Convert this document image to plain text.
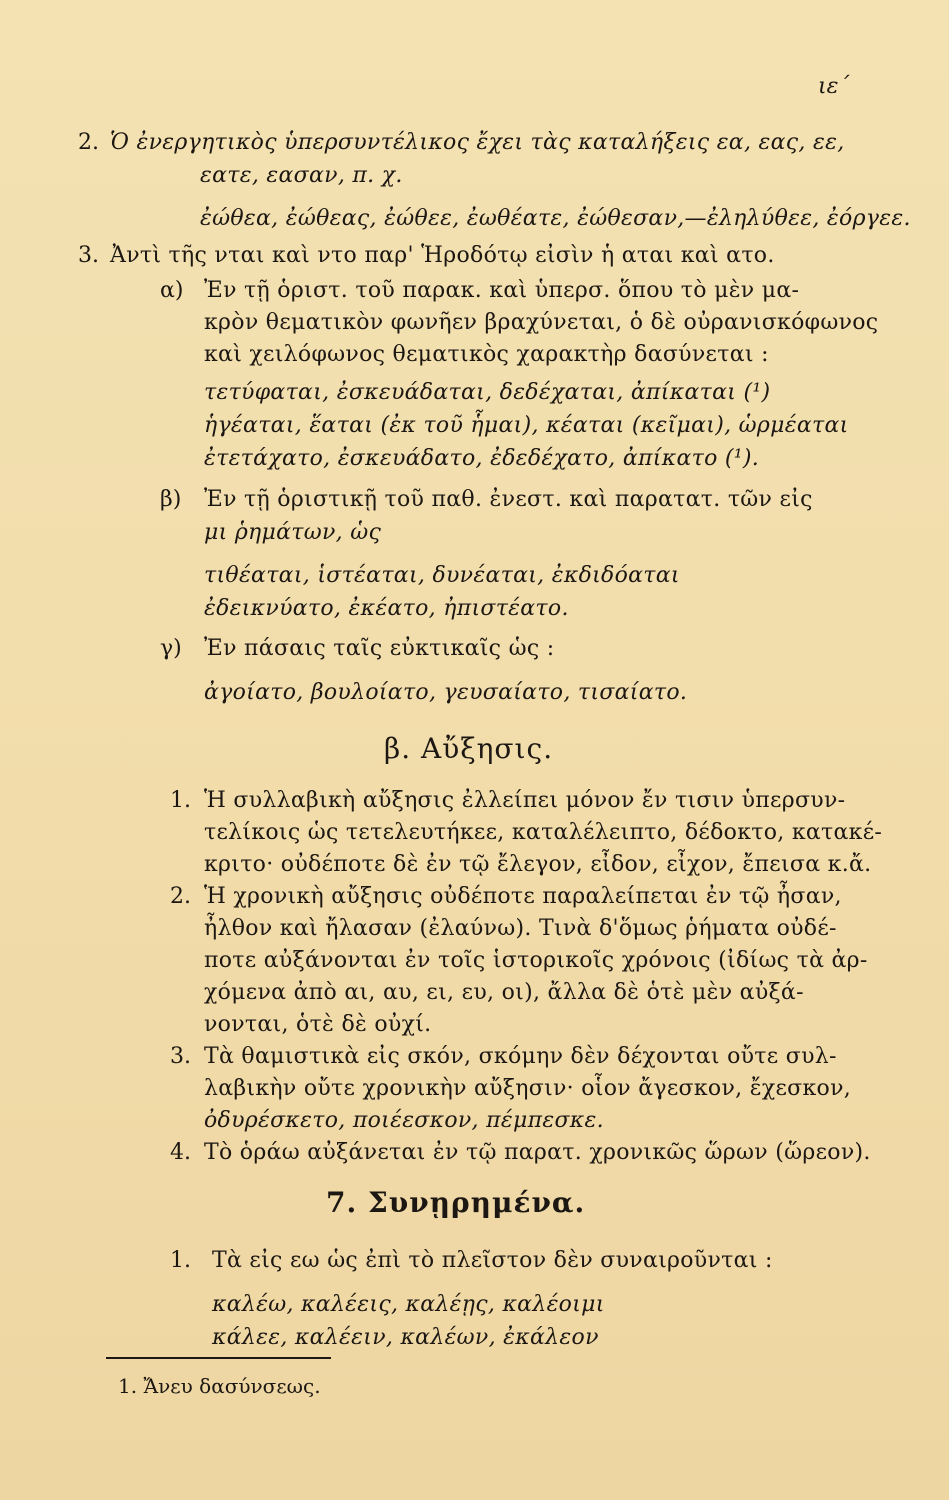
ιε´
2. Ὁ ἐνεργητικὸς ὑπερσυντέλικος ἔχει τὰς καταλήξεις εα, εας, εε,
εατε, εασαν, π. χ.
ἐώθεα, ἐώθεας, ἐώθεε, ἐωθέατε, ἐώθεσαν,—ἐληλύθεε, ἐόργεε.
3. Ἀντὶ τῆς νται καὶ ντο παρ' Ἡροδότῳ εἰσὶν ἡ αται καὶ ατο.
α) Ἐν τῇ ὁριστ. τοῦ παρακ. καὶ ὑπερσ. ὅπου τὸ μὲν μα-
κρὸν θεματικὸν φωνῆεν βραχύνεται, ὁ δὲ οὐρανισκόφωνος
καὶ χειλόφωνος θεματικὸς χαρακτὴρ δασύνεται :
τετύφαται, ἐσκευάδαται, δεδέχαται, ἀπίκαται (¹)
ἡγέαται, ἕαται (ἐκ τοῦ ἧμαι), κέαται (κεῖμαι), ὡρμέαται
ἐτετάχατο, ἐσκευάδατο, ἐδεδέχατο, ἀπίκατο (¹).
β) Ἐν τῇ ὁριστικῇ τοῦ παθ. ἐνεστ. καὶ παρατατ. τῶν εἰς
μι ῥημάτων, ὡς
τιθέαται, ἱστέαται, δυνέαται, ἐκδιδόαται
ἐδεικνύατο, ἐκέατο, ἠπιστέατο.
γ) Ἐν πάσαις ταῖς εὐκτικαῖς ὡς :
ἀγοίατο, βουλοίατο, γευσαίατο, τισαίατο.
β. Αὔξησις.
1. Ἡ συλλαβικὴ αὔξησις ἐλλείπει μόνον ἔν τισιν ὑπερσυν-
τελίκοις ὡς τετελευτήκεε, καταλέλειπτο, δέδοκτο, κατακέ-
κριτο· οὐδέποτε δὲ ἐν τῷ ἔλεγον, εἶδον, εἶχον, ἔπεισα κ.ἄ.
2. Ἡ χρονικὴ αὔξησις οὐδέποτε παραλείπεται ἐν τῷ ἦσαν,
ἦλθον καὶ ἤλασαν (ἐλαύνω). Τινὰ δ'ὅμως ῥήματα οὐδέ-
ποτε αὐξάνονται ἐν τοῖς ἱστορικοῖς χρόνοις (ἰδίως τὰ ἀρ-
χόμενα ἀπὸ αι, αυ, ει, ευ, οι), ἄλλα δὲ ὁτὲ μὲν αὐξά-
νονται, ὁτὲ δὲ οὐχί.
3. Τὰ θαμιστικὰ εἰς σκόν, σκόμην δὲν δέχονται οὔτε συλ-
λαβικὴν οὔτε χρονικὴν αὔξησιν· οἷον ἄγεσκον, ἔχεσκον,
ὀδυρέσκετο, ποιέεσκον, πέμπεσκε.
4. Τὸ ὁράω αὐξάνεται ἐν τῷ παρατ. χρονικῶς ὥρων (ὥρεον).
7. Συνῃρημένα.
1. Τὰ εἰς εω ὡς ἐπὶ τὸ πλεῖστον δὲν συναιροῦνται :
καλέω, καλέεις, καλέῃς, καλέοιμι
κάλεε, καλέειν, καλέων, ἐκάλεον
1. Ἄνευ δασύνσεως.
